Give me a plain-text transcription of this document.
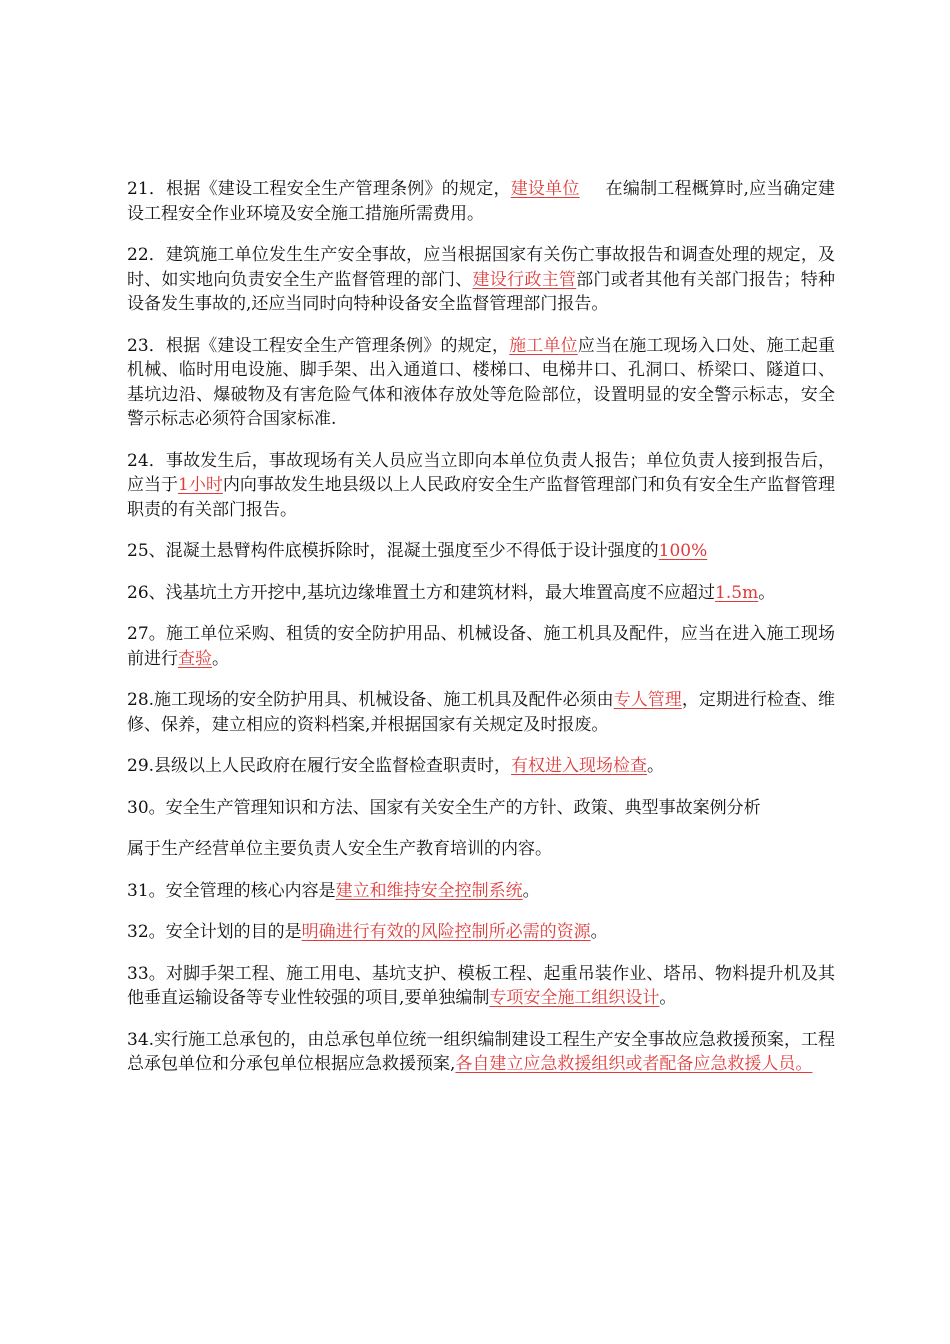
21．根据《建设工程安全生产管理条例》的规定，建设单位 在编制工程概算时,应当确定建设工程安全作业环境及安全施工措施所需费用。
22．建筑施工单位发生生产安全事故，应当根据国家有关伤亡事故报告和调查处理的规定，及时、如实地向负责安全生产监督管理的部门、建设行政主管部门或者其他有关部门报告；特种设备发生事故的,还应当同时向特种设备安全监督管理部门报告。
23．根据《建设工程安全生产管理条例》的规定，施工单位应当在施工现场入口处、施工起重机械、临时用电设施、脚手架、出入通道口、楼梯口、电梯井口、孔洞口、桥梁口、隧道口、基坑边沿、爆破物及有害危险气体和液体存放处等危险部位，设置明显的安全警示标志，安全警示标志必须符合国家标准.
24．事故发生后，事故现场有关人员应当立即向本单位负责人报告；单位负责人接到报告后，应当于1小时内向事故发生地县级以上人民政府安全生产监督管理部门和负有安全生产监督管理职责的有关部门报告。
25、混凝土悬臂构件底模拆除时，混凝土强度至少不得低于设计强度的100%
26、浅基坑土方开挖中,基坑边缘堆置土方和建筑材料，最大堆置高度不应超过1.5m。
27。施工单位采购、租赁的安全防护用品、机械设备、施工机具及配件，应当在进入施工现场前进行查验。
28.施工现场的安全防护用具、机械设备、施工机具及配件必须由专人管理，定期进行检查、维修、保养，建立相应的资料档案,并根据国家有关规定及时报废。
29.县级以上人民政府在履行安全监督检查职责时，有权进入现场检查。

30。安全生产管理知识和方法、国家有关安全生产的方针、政策、典型事故案例分析

属于生产经营单位主要负责人安全生产教育培训的内容。

31。安全管理的核心内容是建立和维持安全控制系统。
32。安全计划的目的是明确进行有效的风险控制所必需的资源。
33。对脚手架工程、施工用电、基坑支护、模板工程、起重吊装作业、塔吊、物料提升机及其他垂直运输设备等专业性较强的项目,要单独编制专项安全施工组织设计。
34.实行施工总承包的，由总承包单位统一组织编制建设工程生产安全事故应急救援预案，工程总承包单位和分承包单位根据应急救援预案,各自建立应急救援组织或者配备应急救援人员。
